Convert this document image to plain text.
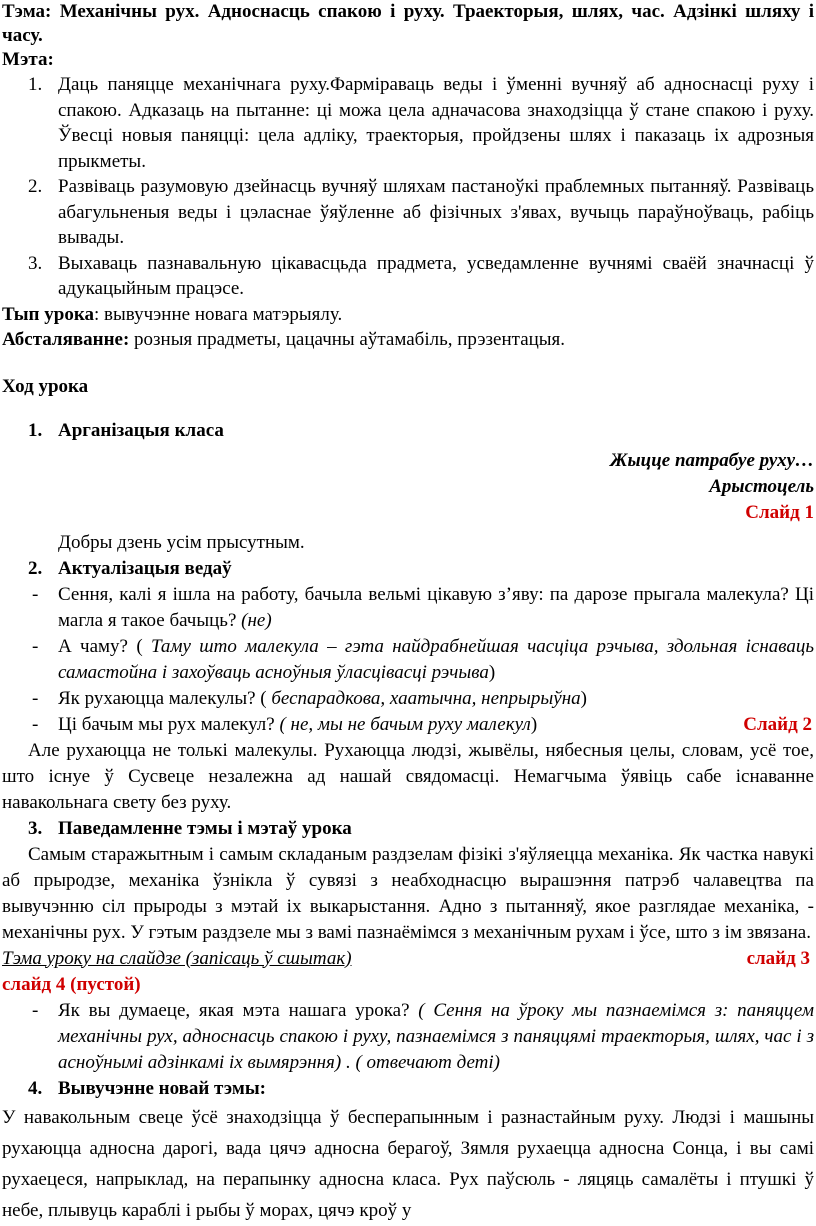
Тэма: Механічны рух. Адноснасць спакою і руху. Траекторыя, шлях, час. Адзінкі шляху і часу.

Мэта:

1. Даць паняцце механічнага руху.Фарміраваць веды і ўменні вучняў аб адноснасці руху і спакою. Адказаць на пытанне: ці можа цела адначасова знаходзіцца ў стане спакою і руху. Ўвесці новыя паняцці: цела адліку, траекторыя, пройдзены шлях і паказаць іх адрозныя прыкметы.
2. Развіваць разумовую дзейнасць вучняў шляхам пастаноўкі праблемных пытанняў. Развіваць абагульненыя веды і цэласнае ўяўленне аб фізічных з'явах, вучыць параўноўваць, рабіць вывады.
3. Выхаваць пазнавальную цікавасцьда прадмета, усведамленне вучнямі сваёй значнасці ў адукацыйным працэсе.

Тып урока: вывучэнне новага матэрыялу.

Абсталяванне: розныя прадметы, цацачны аўтамабіль, прэзентацыя.

Ход урока

1. Арганізацыя класа

Жыцце патрабуе руху…

Арыстоцель

Слайд 1

Добры дзень усім прысутным.

2. Актуалізацыя ведаў
- Сення, калі я ішла на работу, бачыла вельмі цікавую з’яву: па дарозе прыгала малекула? Ці магла я такое бачыць? (не)
- А чаму? ( Таму што малекула – гэта найдрабнейшая часціца рэчыва, здольная існаваць самастойна і захоўваць асноўныя ўласцівасці рэчыва)
- Як рухаюцца малекулы? ( беспарадкова, хаатычна, непрырыўна)
- Ці бачым мы рух малекул? ( не, мы не бачым руху малекул)	Слайд 2

Але рухаюцца не толькі малекулы. Рухаюцца людзі, жывёлы, нябесныя целы, словам, усё тое, што існуе ў Сусвеце незалежна ад нашай свядомасці. Немагчыма ўявіць сабе існаванне навакольнага свету без руху.

3. Паведамленне тэмы і мэтаў урока

Самым старажытным і самым складаным раздзелам фізікі з'яўляецца механіка. Як частка навукі аб прыродзе, механіка ўзнікла ў сувязі з неабходнасцю вырашэння патрэб чалавецтва па вывучэнню сіл прыроды з мэтай іх выкарыстання. Адно з пытанняў, якое разглядае механіка, - механічны рух. У гэтым раздзеле мы з вамі пазнаёмімся з механічным рухам і ўсе, што з ім звязана.

Тэма уроку на слайдзе (запісаць ў сшытак)	слайд 3

слайд 4 (пустой)

- Як вы думаеце, якая мэта нашага урока? ( Сення на ўроку мы пазнаемімся з: паняццем механічны рух, адноснасць спакою і руху, пазнаемімся з паняццямі траекторыя, шлях, час і з асноўнымі адзінкамі іх вымярэння) . ( отвечают деті)
4. Вывучэнне новай тэмы:

У навакольным свеце ўсё знаходзіцца ў бесперапынным і разнастайным руху. Людзі і машыны рухаюцца адносна дарогі, вада цячэ адносна берагоў, Зямля рухаецца адносна Сонца, і вы самі рухаецеся, напрыклад, на перапынку адносна класа. Рух паўсюль - ляцяць самалёты і птушкі ў небе, плывуць караблі і рыбы ў морах, цячэ кроў у
